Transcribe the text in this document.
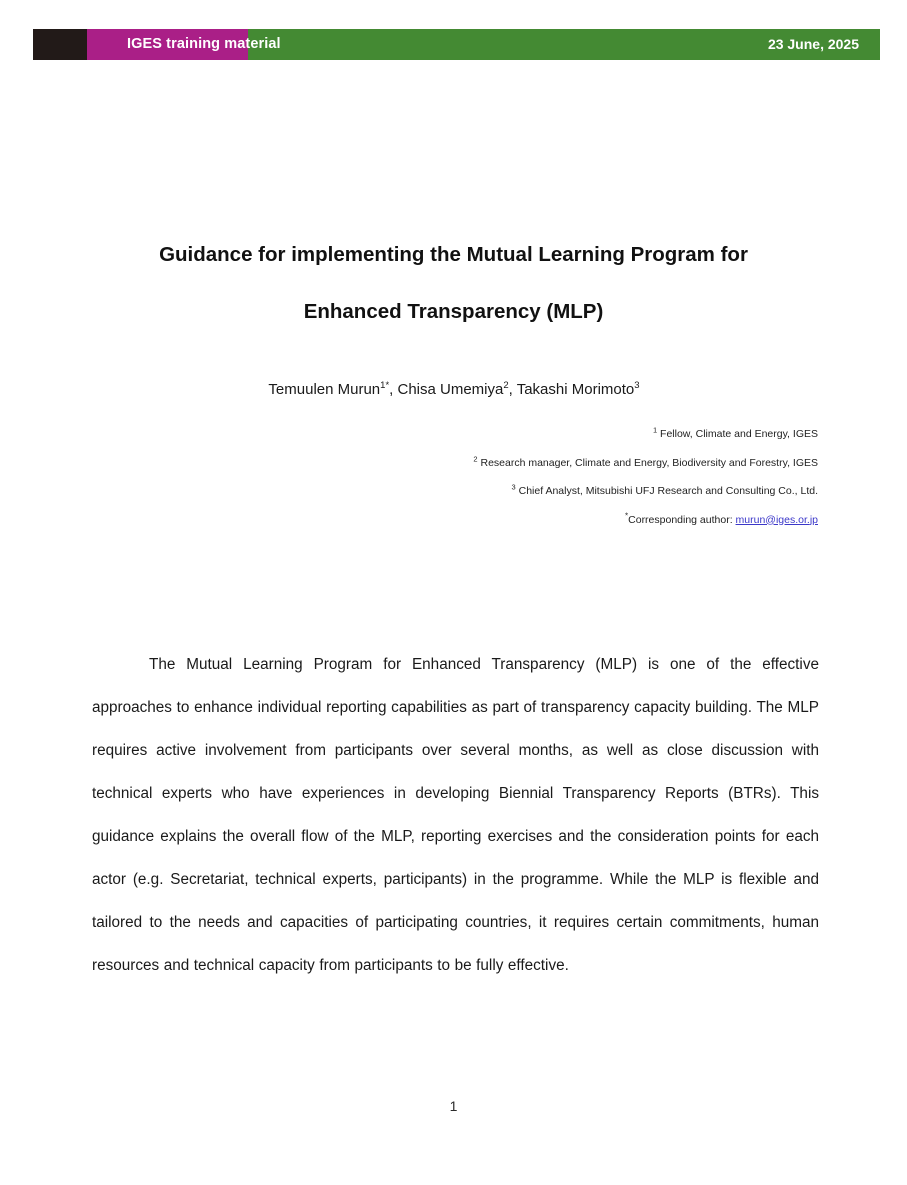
IGES training material	23 June, 2025
Guidance for implementing the Mutual Learning Program for
Enhanced Transparency (MLP)
Temuulen Murun$^{1*}$, Chisa Umemiya$^2$, Takashi Morimoto$^3$
$^1$ Fellow, Climate and Energy, IGES
$^2$ Research manager, Climate and Energy, Biodiversity and Forestry, IGES
$^3$ Chief Analyst, Mitsubishi UFJ Research and Consulting Co., Ltd.
*Corresponding author: murun@iges.or.jp

The Mutual Learning Program for Enhanced Transparency (MLP) is one of the effective approaches to enhance individual reporting capabilities as part of transparency capacity building. The MLP requires active involvement from participants over several months, as well as close discussion with technical experts who have experiences in developing Biennial Transparency Reports (BTRs). This guidance explains the overall flow of the MLP, reporting exercises and the consideration points for each actor (e.g. Secretariat, technical experts, participants) in the programme. While the MLP is flexible and tailored to the needs and capacities of participating countries, it requires certain commitments, human resources and technical capacity from participants to be fully effective.

1
